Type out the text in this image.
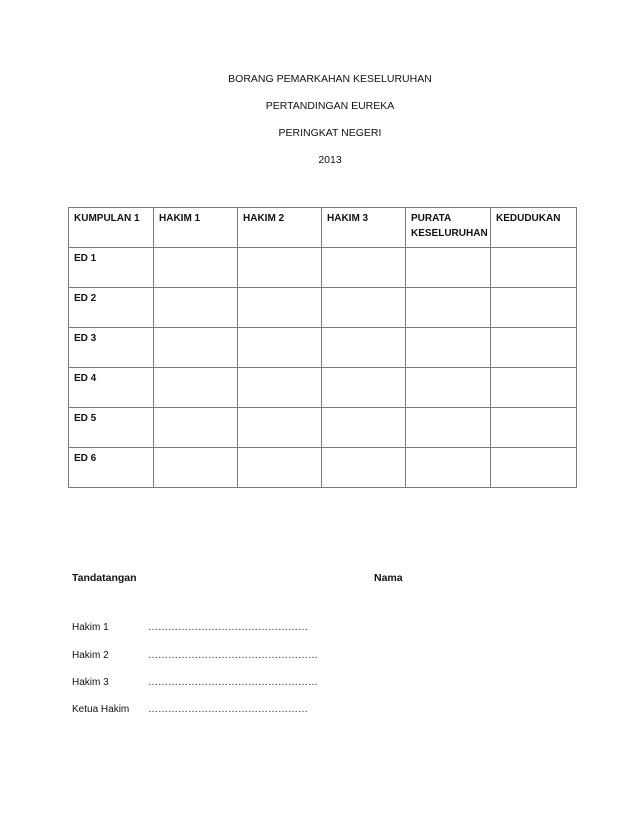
BORANG PEMARKAHAN KESELURUHAN
PERTANDINGAN EUREKA
PERINGKAT NEGERI
2013
KUMPULAN 1	HAKIM 1	HAKIM 2	HAKIM 3	PURATA KESELURUHAN	KEDUDUKAN
ED 1					
ED 2					
ED 3					
ED 4					
ED 5					
ED 6					
Tandatangan	Nama
Hakim 1	…………………………………………
Hakim 2	……………………………………………
Hakim 3	……………………………………………
Ketua Hakim …………………………………………
